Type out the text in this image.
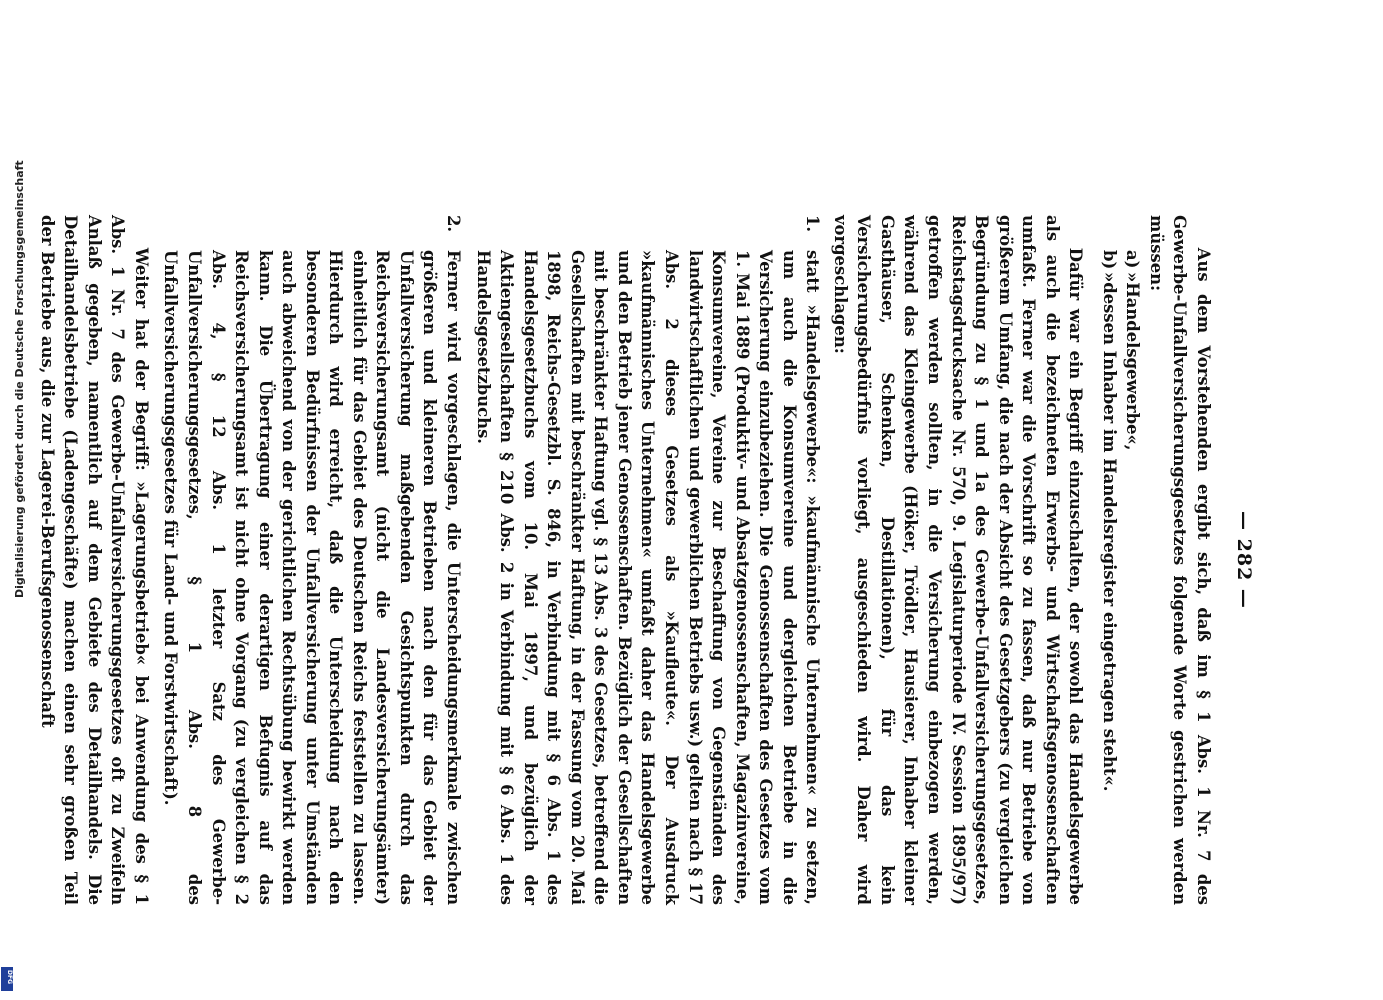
— 282 —

Aus dem Vorstehenden ergibt sich, daß im § 1 Abs. 1 Nr. 7 des Gewerbe-Unfallversicherungsgesetzes folgende Worte gestrichen werden müssen:

a)»Handelsgewerbe«,

b)»dessen Inhaber im Handelsregister eingetragen steht«.

Dafür war ein Begriff einzuschalten, der sowohl das Handelsgewerbe als auch die bezeichneten Erwerbs- und Wirtschaftsgenossenschaften umfaßt. Ferner war die Vorschrift so zu fassen, daß nur Betriebe von größerem Umfang, die nach der Absicht des Gesetzgebers (zu vergleichen Begründung zu § 1 und 1a des Gewerbe-Unfallversicherungsgesetzes, Reichstagsdrucksache Nr. 570, 9. Legislaturperiode IV. Session 1895/97) getroffen werden sollten, in die Versicherung einbezogen werden, während das Kleingewerbe (Höker, Trödler, Hausierer, Inhaber kleiner Gasthäuser, Schenken, Destillationen), für das kein Versicherungsbedürfnis vorliegt, ausgeschieden wird. Daher wird vorgeschlagen:

1.
statt »Handelsgewerbe«: »kaufmännische Unternehmen« zu setzen, um auch die Konsumvereine und dergleichen Betriebe in die Versicherung einzubeziehen. Die Genossenschaften des Gesetzes vom 1. Mai 1889 (Produktiv- und Absatzgenossenschaften, Magazinvereine, Konsumvereine, Vereine zur Beschaffung von Gegenständen des landwirtschaftlichen und gewerblichen Betriebs usw.) gelten nach § 17 Abs. 2 dieses Gesetzes als »Kaufleute«. Der Ausdruck »kaufmännisches Unternehmen« umfaßt daher das Handelsgewerbe und den Betrieb jener Genossenschaften. Bezüglich der Gesellschaften mit beschränkter Haftung vgl. § 13 Abs. 3 des Gesetzes, betreffend die Gesellschaften mit beschränkter Haftung, in der Fassung vom 20. Mai 1898, Reichs-Gesetzbl. S. 846, in Verbindung mit § 6 Abs. 1 des Handelsgesetzbuchs vom 10. Mai 1897, und bezüglich der Aktiengesellschaften § 210 Abs. 2 in Verbindung mit § 6 Abs. 1 des Handelsgesetzbuchs.

2.
Ferner wird vorgeschlagen, die Unterscheidungsmerkmale zwischen größeren und kleineren Betrieben nach den für das Gebiet der Unfallversicherung maßgebenden Gesichtspunkten durch das Reichsversicherungsamt (nicht die Landesversicherungsämter) einheitlich für das Gebiet des Deutschen Reichs feststellen zu lassen. Hierdurch wird erreicht, daß die Unterscheidung nach den besonderen Bedürfnissen der Unfallversicherung unter Umständen auch abweichend von der gerichtlichen Rechtsübung bewirkt werden kann. Die Übertragung einer derartigen Befugnis auf das Reichsversicherungsamt ist nicht ohne Vorgang (zu vergleichen § 2 Abs. 4, § 12 Abs. 1 letzter Satz des Gewerbe-Unfallversicherungsgesetzes, § 1 Abs. 8 des Unfallversicherungsgesetzes für Land- und Forstwirtschaft).

Weiter hat der Begriff: »Lagerungsbetrieb« bei Anwendung des § 1 Abs. 1 Nr. 7 des Gewerbe-Unfallversicherungsgesetzes oft zu Zweifeln Anlaß gegeben, namentlich auf dem Gebiete des Detailhandels. Die Detailhandelsbetriebe (Ladengeschäfte) machen einen sehr großen Teil der Betriebe aus, die zur Lagerei-Berufsgenossenschaft

Digitalisierung gefördert durch die Deutsche Forschungsgemeinschaft
DFG
